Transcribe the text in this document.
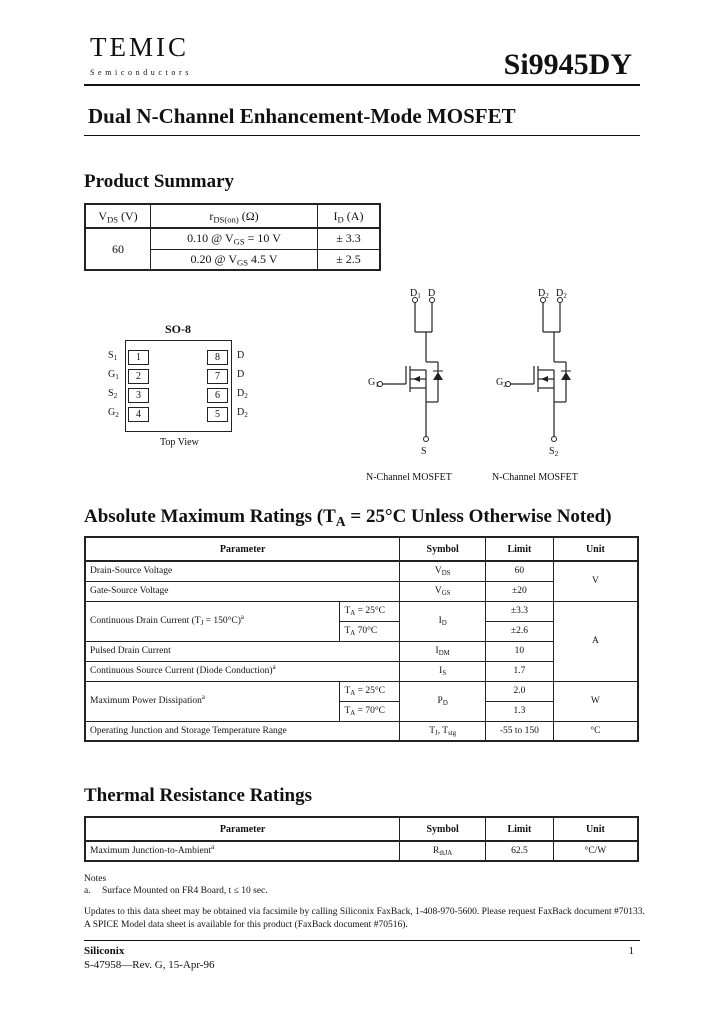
TEMIC
Semiconductors	Si9945DY
Dual N-Channel Enhancement-Mode MOSFET
Product Summary
$V_{DS}$ (V)	$r_{DS(on)}$ (Ω)	$I_D$ (A)
60	0.10 @ $V_{GS} = 10$ V	± 3.3
	0.20 @ $V_{GS}$ 4.5 V	± 2.5
SO-8
$S_1$
$G_1$
$S_2$
$G_2$
1
2
3
4
8
7
6
5
D
D
$D_2$
$D_2$
Top View
$D_1$ D
$G_1$
S
N-Channel MOSFET
$D_2$ $D_2$
$G_2$
$S_2$
N-Channel MOSFET
Absolute Maximum Ratings ($T_A = 25^\circ C$ Unless Otherwise Noted)
Parameter		Symbol	Limit	Unit
Drain-Source Voltage		$V_{DS}$	60	V
Gate-Source Voltage		$V_{GS}$	±20	
Continuous Drain Current $(T_J = 150^\circ C)^a$	$T_A = 25^\circ C$	$I_D$	±3.3	A
	$T_A$ 70°C		±2.6	
Pulsed Drain Current		$I_{DM}$	10	
Continuous Source Current (Diode Conduction)$^a$		$I_S$	1.7	
Maximum Power Dissipation$^a$	$T_A = 25^\circ C$	$P_D$	2.0	W
	$T_A = 70^\circ C$		1.3	
Operating Junction and Storage Temperature Range		$T_J$, $T_{stg}$	-55 to 150	°C
Thermal Resistance Ratings
Parameter	Symbol	Limit	Unit
Maximum Junction-to-Ambient$^a$	$R_{thJA}$	62.5	°C/W
Notes
a. Surface Mounted on FR4 Board, t ≤ 10 sec.
Updates to this data sheet may be obtained via facsimile by calling Siliconix FaxBack, 1-408-970-5600. Please request FaxBack document #70133.
A SPICE Model data sheet is available for this product (FaxBack document #70516).
Siliconix
S-47958—Rev. G, 15-Apr-96
1
